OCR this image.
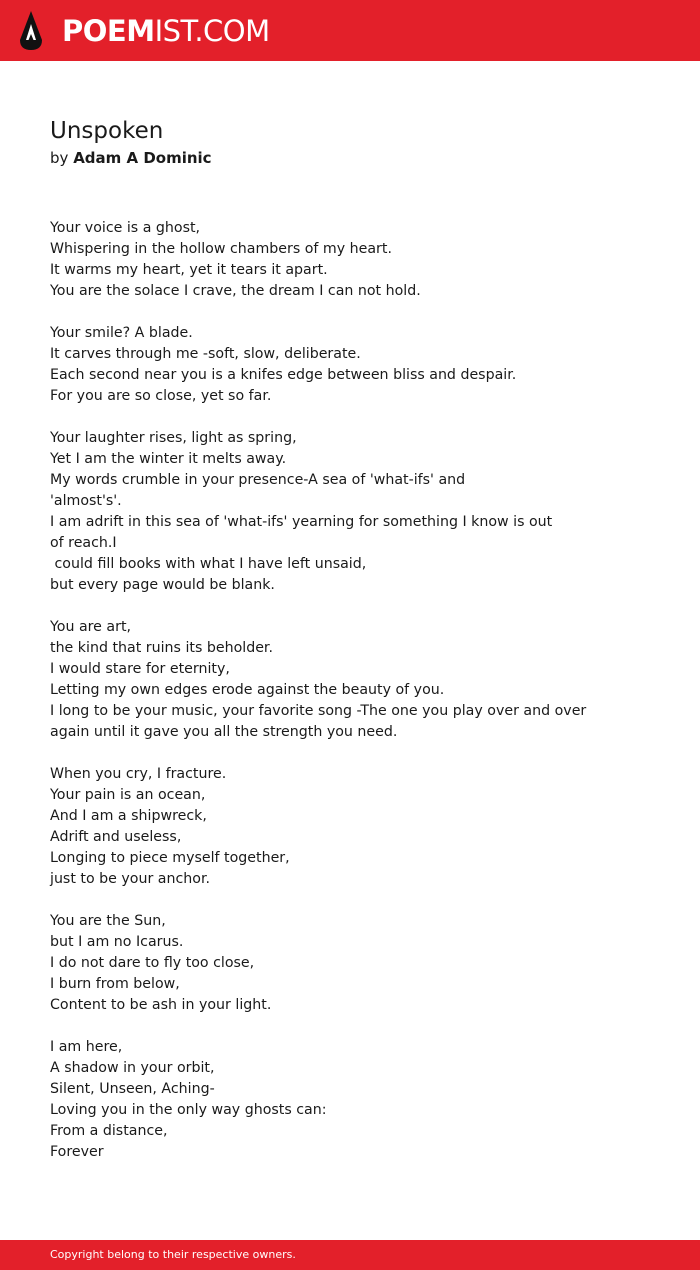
POEMIST.COM
Unspoken
by Adam A Dominic
Your voice is a ghost,
Whispering in the hollow chambers of my heart.
It warms my heart, yet it tears it apart.
You are the solace I crave, the dream I can not hold.
Your smile? A blade.
It carves through me -soft, slow, deliberate.
Each second near you is a knifes edge between bliss and despair.
For you are so close, yet so far.
Your laughter rises, light as spring,
Yet I am the winter it melts away.
My words crumble in your presence-A sea of 'what-ifs' and
'almost's'.
I am adrift in this sea of 'what-ifs' yearning for something I know is out
of reach.I
could fill books with what I have left unsaid,
but every page would be blank.
You are art,
the kind that ruins its beholder.
I would stare for eternity,
Letting my own edges erode against the beauty of you.
I long to be your music, your favorite song -The one you play over and over
again until it gave you all the strength you need.
When you cry, I fracture.
Your pain is an ocean,
And I am a shipwreck,
Adrift and useless,
Longing to piece myself together,
just to be your anchor.
You are the Sun,
but I am no Icarus.
I do not dare to fly too close,
I burn from below,
Content to be ash in your light.
I am here,
A shadow in your orbit,
Silent, Unseen, Aching-
Loving you in the only way ghosts can:
From a distance,
Forever
Copyright belong to their respective owners.
